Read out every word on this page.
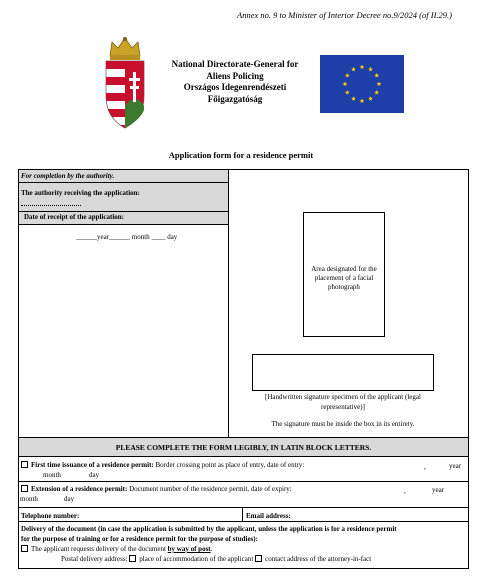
Annex no. 9 to Minister of Interior Decree no.9/2024 (of II.29.)
National Directorate-General for
Aliens Policing
Országos Idegenrendészeti
Főigazgatóság
Application form for a residence permit
For completion by the authority.
The authority receiving the application:
Date of receipt of the application:
______year______ month ____ day
Area designated for the
placement of a facial
photograph
[Handwritten signature specimen of the applicant (legal
representative)]
The signature must be inside the box in its entirety.
PLEASE COMPLETE THE FORM LEGIBLY, IN LATIN BLOCK LETTERS.
First time issuance of a residence permit: Border crossing point as place of entry, date of entry:	,	year
month	day
Extension of a residence permit: Document number of the residence permit, date of expiry:	,	year
month	day
Telephone number:	Email address:
Delivery of the document (in case the application is submitted by the applicant, unless the application is for a residence permit
for the purpose of training or for a residence permit for the purpose of studies):
The applicant requests delivery of the document by way of post.
Postal delivery address: place of accommodation of the applicant contact address of the attorney-in-fact
